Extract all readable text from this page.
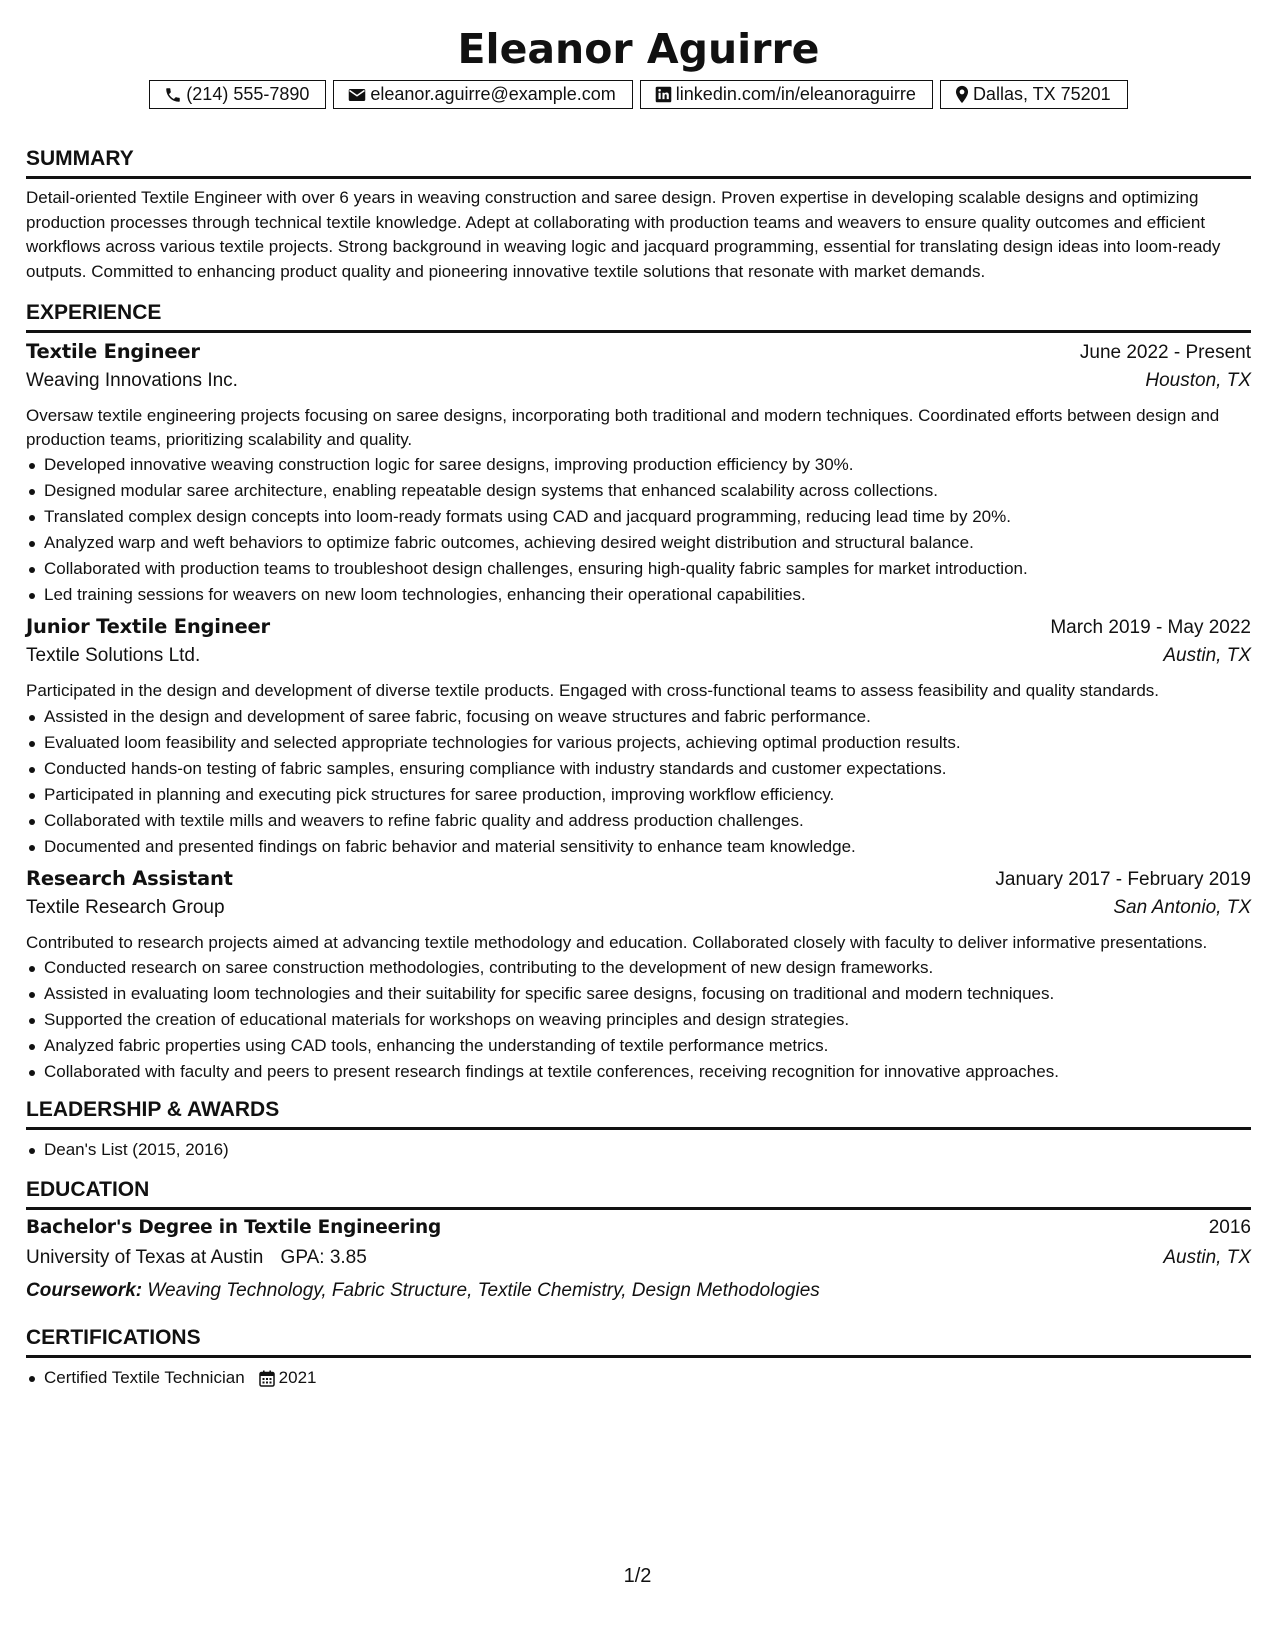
Eleanor Aguirre
(214) 555-7890	eleanor.aguirre@example.com	linkedin.com/in/eleanoraguirre	Dallas, TX 75201
SUMMARY

Detail-oriented Textile Engineer with over 6 years in weaving construction and saree design. Proven expertise in developing scalable designs and optimizing production processes through technical textile knowledge. Adept at collaborating with production teams and weavers to ensure quality outcomes and efficient workflows across various textile projects. Strong background in weaving logic and jacquard programming, essential for translating design ideas into loom-ready outputs. Committed to enhancing product quality and pioneering innovative textile solutions that resonate with market demands.

EXPERIENCE
Textile Engineer	June 2022 - Present
Weaving Innovations Inc.	Houston, TX

Oversaw textile engineering projects focusing on saree designs, incorporating both traditional and modern techniques. Coordinated efforts between design and production teams, prioritizing scalability and quality.

Developed innovative weaving construction logic for saree designs, improving production efficiency by 30%.
Designed modular saree architecture, enabling repeatable design systems that enhanced scalability across collections.
Translated complex design concepts into loom-ready formats using CAD and jacquard programming, reducing lead time by 20%.
Analyzed warp and weft behaviors to optimize fabric outcomes, achieving desired weight distribution and structural balance.
Collaborated with production teams to troubleshoot design challenges, ensuring high-quality fabric samples for market introduction.
Led training sessions for weavers on new loom technologies, enhancing their operational capabilities.
Junior Textile Engineer	March 2019 - May 2022
Textile Solutions Ltd.	Austin, TX

Participated in the design and development of diverse textile products. Engaged with cross-functional teams to assess feasibility and quality standards.

Assisted in the design and development of saree fabric, focusing on weave structures and fabric performance.
Evaluated loom feasibility and selected appropriate technologies for various projects, achieving optimal production results.
Conducted hands-on testing of fabric samples, ensuring compliance with industry standards and customer expectations.
Participated in planning and executing pick structures for saree production, improving workflow efficiency.
Collaborated with textile mills and weavers to refine fabric quality and address production challenges.
Documented and presented findings on fabric behavior and material sensitivity to enhance team knowledge.
Research Assistant	January 2017 - February 2019
Textile Research Group	San Antonio, TX

Contributed to research projects aimed at advancing textile methodology and education. Collaborated closely with faculty to deliver informative presentations.

Conducted research on saree construction methodologies, contributing to the development of new design frameworks.
Assisted in evaluating loom technologies and their suitability for specific saree designs, focusing on traditional and modern techniques.
Supported the creation of educational materials for workshops on weaving principles and design strategies.
Analyzed fabric properties using CAD tools, enhancing the understanding of textile performance metrics.
Collaborated with faculty and peers to present research findings at textile conferences, receiving recognition for innovative approaches.
LEADERSHIP & AWARDS
Dean's List (2015, 2016)
EDUCATION
Bachelor's Degree in Textile Engineering	2016
University of Texas at Austin GPA: 3.85	Austin, TX
Coursework: Weaving Technology, Fabric Structure, Textile Chemistry, Design Methodologies
CERTIFICATIONS
Certified Textile Technician 2021
1/2
